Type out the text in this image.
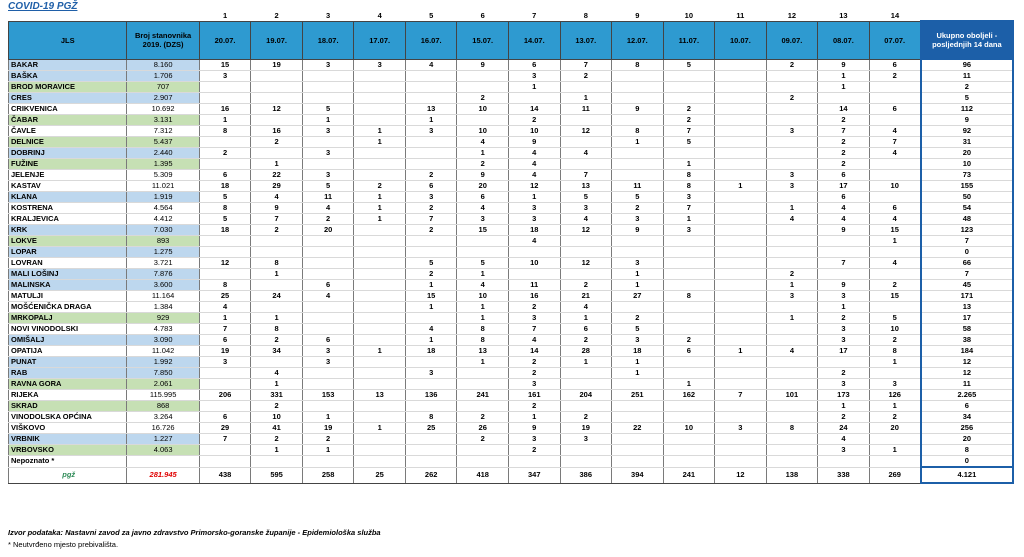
COVID-19 PGŽ
		1	2	3	4	5	6	7	8	9	10	11	12	13	14	
JLS	Broj stanovnika 2019. (DZS)	20.07.	19.07.	18.07.	17.07.	16.07.	15.07.	14.07.	13.07.	12.07.	11.07.	10.07.	09.07.	08.07.	07.07.	Ukupno oboljeli - posljednjih 14 dana
BAKAR	8.160	15	19	3	3	4	9	6	7	8	5		2	9	6	96
BAŠKA	1.706	3						3	2					1	2	11
BROD MORAVICE	707							1						1		2
CRES	2.907						2		1				2			5
CRIKVENICA	10.692	16	12	5		13	10	14	11	9	2			14	6	112
ČABAR	3.131	1		1		1		2			2			2		9
ČAVLE	7.312	8	16	3	1	3	10	10	12	8	7		3	7	4	92
DELNICE	5.437		2		1		4	9		1	5			2	7	31
DOBRINJ	2.440	2		3			1	4	4					2	4	20
FUŽINE	1.395		1				2	4			1			2		10
JELENJE	5.309	6	22	3		2	9	4	7		8		3	6		73
KASTAV	11.021	18	29	5	2	6	20	12	13	11	8	1	3	17	10	155
KLANA	1.919	5	4	11	1	3	6	1	5	5	3			6		50
KOSTRENA	4.564	8	9	4	1	2	4	3	3	2	7		1	4	6	54
KRALJEVICA	4.412	5	7	2	1	7	3	3	4	3	1		4	4	4	48
KRK	7.030	18	2	20		2	15	18	12	9	3			9	15	123
LOKVE	893							4							1	7
LOPAR	1.275															0
LOVRAN	3.721	12	8			5	5	10	12	3				7	4	66
MALI LOŠINJ	7.876		1			2	1			1			2			7
MALINSKA	3.600	8		6		1	4	11	2	1			1	9	2	45
MATULJI	11.164	25	24	4		15	10	16	21	27	8		3	3	15	171
MOŠĆENIČKA DRAGA	1.384	4				1	1	2	4					1		13
MRKOPALJ	929	1	1				1	3	1	2			1	2	5	17
NOVI VINODOLSKI	4.783	7	8			4	8	7	6	5				3	10	58
OMIŠALJ	3.090	6	2	6		1	8	4	2	3	2			3	2	38
OPATIJA	11.042	19	34	3	1	18	13	14	28	18	6	1	4	17	8	184
PUNAT	1.992	3		3			1	2	1	1					1	12
RAB	7.850		4			3		2		1				2		12
RAVNA GORA	2.061		1					3			1			3	3	11
RIJEKA	115.995	206	331	153	13	136	241	161	204	251	162	7	101	173	126	2.265
SKRAD	868		2					2						1	1	6
VINODOLSKA OPĆINA	3.264	6	10	1		8	2	1	2					2	2	34
VIŠKOVO	16.726	29	41	19	1	25	26	9	19	22	10	3	8	24	20	256
VRBNIK	1.227	7	2	2			2	3	3					4		20
VRBOVSKO	4.063		1	1				2						3	1	8
Nepoznato *																0
pgž	281.945	438	595	258	25	262	418	347	386	394	241	12	138	338	269	4.121
Izvor podataka: Nastavni zavod za javno zdravstvo Primorsko-goranske županije - Epidemiološka služba
* Neutvrđeno mjesto prebivališta.
